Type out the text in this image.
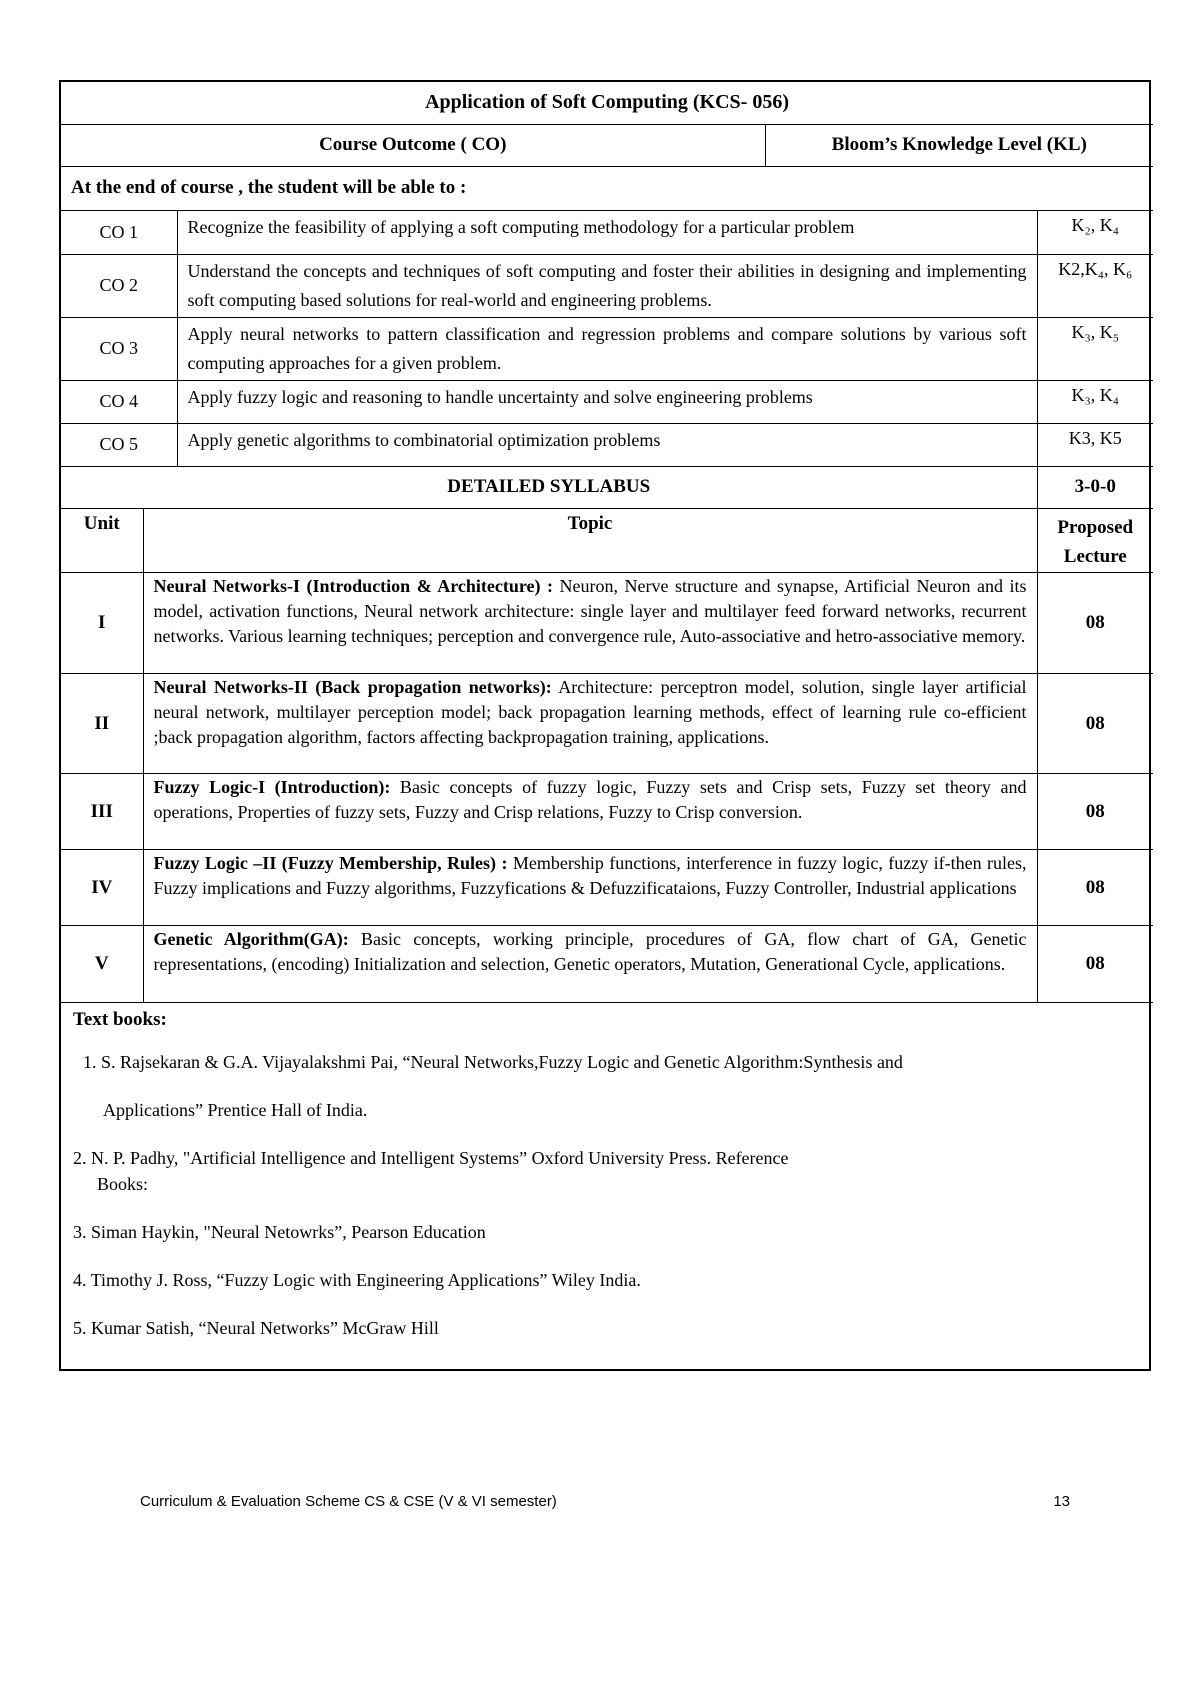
Application of Soft Computing (KCS- 056)			
Course Outcome ( CO)		Bloom’s Knowledge Level (KL)	
At the end of course , the student will be able to :			
CO 1	Recognize the feasibility of applying a soft computing methodology for a particular problem		K₂, K₄
CO 2	Understand the concepts and techniques of soft computing and foster their abilities in designing and implementing soft computing based solutions for real-world and engineering problems.		K2,K₄, K₆
CO 3	Apply neural networks to pattern classification and regression problems and compare solutions by various soft computing approaches for a given problem.		K₃, K₅
CO 4	Apply fuzzy logic and reasoning to handle uncertainty and solve engineering problems		K₃, K₄
CO 5	Apply genetic algorithms to combinatorial optimization problems		K3, K5
DETAILED SYLLABUS		3-0-0
Unit	Topic	Proposed Lecture
I	Neural Networks-I (Introduction & Architecture) : Neuron, Nerve structure and synapse, Artificial Neuron and its model, activation functions, Neural network architecture: single layer and multilayer feed forward networks, recurrent networks. Various learning techniques; perception and convergence rule, Auto-associative and hetro-associative memory.	08
II	Neural Networks-II (Back propagation networks): Architecture: perceptron model, solution, single layer artificial neural network, multilayer perception model; back propagation learning methods, effect of learning rule co-efficient ;back propagation algorithm, factors affecting backpropagation training, applications.	08
III	Fuzzy Logic-I (Introduction): Basic concepts of fuzzy logic, Fuzzy sets and Crisp sets, Fuzzy set theory and operations, Properties of fuzzy sets, Fuzzy and Crisp relations, Fuzzy to Crisp conversion.	08
IV	Fuzzy Logic –II (Fuzzy Membership, Rules) : Membership functions, interference in fuzzy logic, fuzzy if-then rules, Fuzzy implications and Fuzzy algorithms, Fuzzyfications & Defuzzificataions, Fuzzy Controller, Industrial applications	08
V	Genetic Algorithm(GA): Basic concepts, working principle, procedures of GA, flow chart of GA, Genetic representations, (encoding) Initialization and selection, Genetic operators, Mutation, Generational Cycle, applications.	08
Text books:

1. S. Rajsekaran & G.A. Vijayalakshmi Pai, “Neural Networks,Fuzzy Logic and Genetic Algorithm:Synthesis and

Applications” Prentice Hall of India.

2. N. P. Padhy, "Artificial Intelligence and Intelligent Systems” Oxford University Press. Reference

Books:

3. Siman Haykin, "Neural Netowrks”, Pearson Education

4. Timothy J. Ross, “Fuzzy Logic with Engineering Applications” Wiley India.

5. Kumar Satish, “Neural Networks” McGraw Hill

Curriculum & Evaluation Scheme CS & CSE (V & VI semester)	13
